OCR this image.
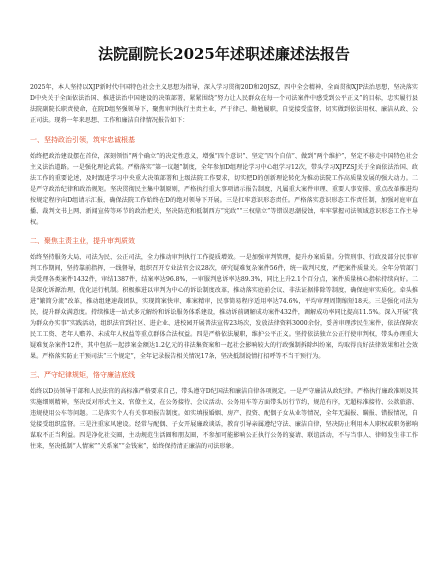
法院副院长2025年述职述廉述法报告

2025年，本人坚持以XJP新时代中国特色社会主义思想为指导，深入学习贯彻20D和20JSZ，四中全会精神，全面贯彻XJP法治思想，坚决落实D中央关于全面依法治国、推进法治中国建设的决策部署，紧紧围绕“努力让人民群众在每一个司法案件中感受到公平正义”的目标，忠实履行县法院副院长职责使命，在院D组坚强领导下，聚焦审判执行主责主业，严于律己、勤勉履职，自觉接受监督，切实做到依法用权、廉洁从政、公正司法。现将一年来思想、工作和廉洁自律情况报告如下：

一、坚持政治引领，筑牢忠诚根基

始终把政治建设摆在首位，深刻领悟“两个确立”的决定性意义，增强“四个意识”、坚定“四个自信”、做到“两个维护”，坚定不移走中国特色社会主义法治道路。一是强化理论武装。严格落实“第一议题”制度，全年参加D组理论学习中心组学习12次，带头学习XJPZSJ关于全面依法治国、政法工作的重要论述，及时跟进学习中央重大决策部署和上级法院工作要求，切实把D的创新理论转化为推动法院工作高质量发展的强大动力。二是严守政治纪律和政治规矩。坚决贯彻民主集中制原则，严格执行重大事项请示报告制度，凡属重大案件审理、重要人事安排、重点改革推进均按规定程序向D组请示汇报，确保法院工作始终在D的绝对领导下开展。三是扛牢意识形态责任。严格落实意识形态工作责任制，加强对庭审直播、裁判文书上网、新闻宣传等环节的政治把关，坚决防范和抵制西方“宪政”“三权鼎立”等错误思潮侵蚀，牢牢掌握司法领域意识形态工作主导权。

二、聚焦主责主业，提升审判质效

始终坚持服务大局、司法为民、公正司法，全力推动审判执行工作提质增效。一是加强审判管理，提升办案质量。分管刑事、行政及部分民事审判工作期间，坚持靠前指挥，一线督导，组织召开专业法官会议28次，研究疑难复杂案件56件，统一裁判尺度，严把案件质量关。全年分管部门共受理各类案件1432件，审结1387件，结案率达96.8%，一审服判息诉率达89.3%，同比上升2.1个百分点，案件质量核心指标持续向好。二是深化诉源治理，优化运行机制。积极推进以审判为中心的诉讼制度改革，推动落实庭前会议、非法证据排除等制度，确保庭审实质化。牵头推进“繁简分流”改革，推动组建速裁团队，实现简案快审、难案精审，民事简易程序适用率达74.6%，平均审理周期缩短18天。三是强化司法为民，提升群众满意度。持续推进一站式多元解纷和诉讼服务体系建设，推动诉前调解成功案件432件，调解成功率同比提高11.5%。深入开展“我为群众办实事”实践活动，组织法官到社区、进企业、进校园开展普法宣传23场次，发放法律资料3000余份，妥善审理涉民生案件，依法保障农民工工资、老年人赡养、未成年人权益等重点群体合法权益。四是严格依法履职，维护公平正义。坚持依法独立公正行使审判权，带头办理重大疑难复杂案件12件，其中包括一起涉案金额达1.2亿元的非法集资案和一起社会影响较大的行政强制拆除纠纷案，均取得良好法律效果和社会效果。严格落实防止干预司法“三个规定”，全年记录报告相关情况17条，坚决抵制说情打招呼等不当干预行为。

三、严守纪律规矩，恪守廉洁底线

始终以D员领导干部和人民法官的高标准严格要求自己，带头遵守D纪国法和廉洁自律各项规定。一是严守廉洁从政纪律。严格执行廉政准则及其实施细则精神，坚决反对形式主义、官僚主义，在公务接待、会议活动、公务用车等方面带头厉行节约，规范有序，无超标准接待、公款旅游、违规使用公车等问题。二是落实个人有关事项报告制度。如实填报婚姻、房产、投资、配偶子女从业等情况，全年无漏报、瞒报、错报情况，自觉接受组织监督。三是注重家风建设。经常与配偶、子女开展廉政谈话，教育引导亲属遵纪守法、廉洁自律，坚决防止利用本人职权或职务影响谋取不正当利益。四是净化社交圈，主动规范生活圈和朋友圈，不参加可能影响公正执行公务的宴请、联谊活动，不与当事人、律师发生非工作往来，坚决抵制“人情案”“关系案”“金钱案”，始终保持清正廉洁的司法形象。
